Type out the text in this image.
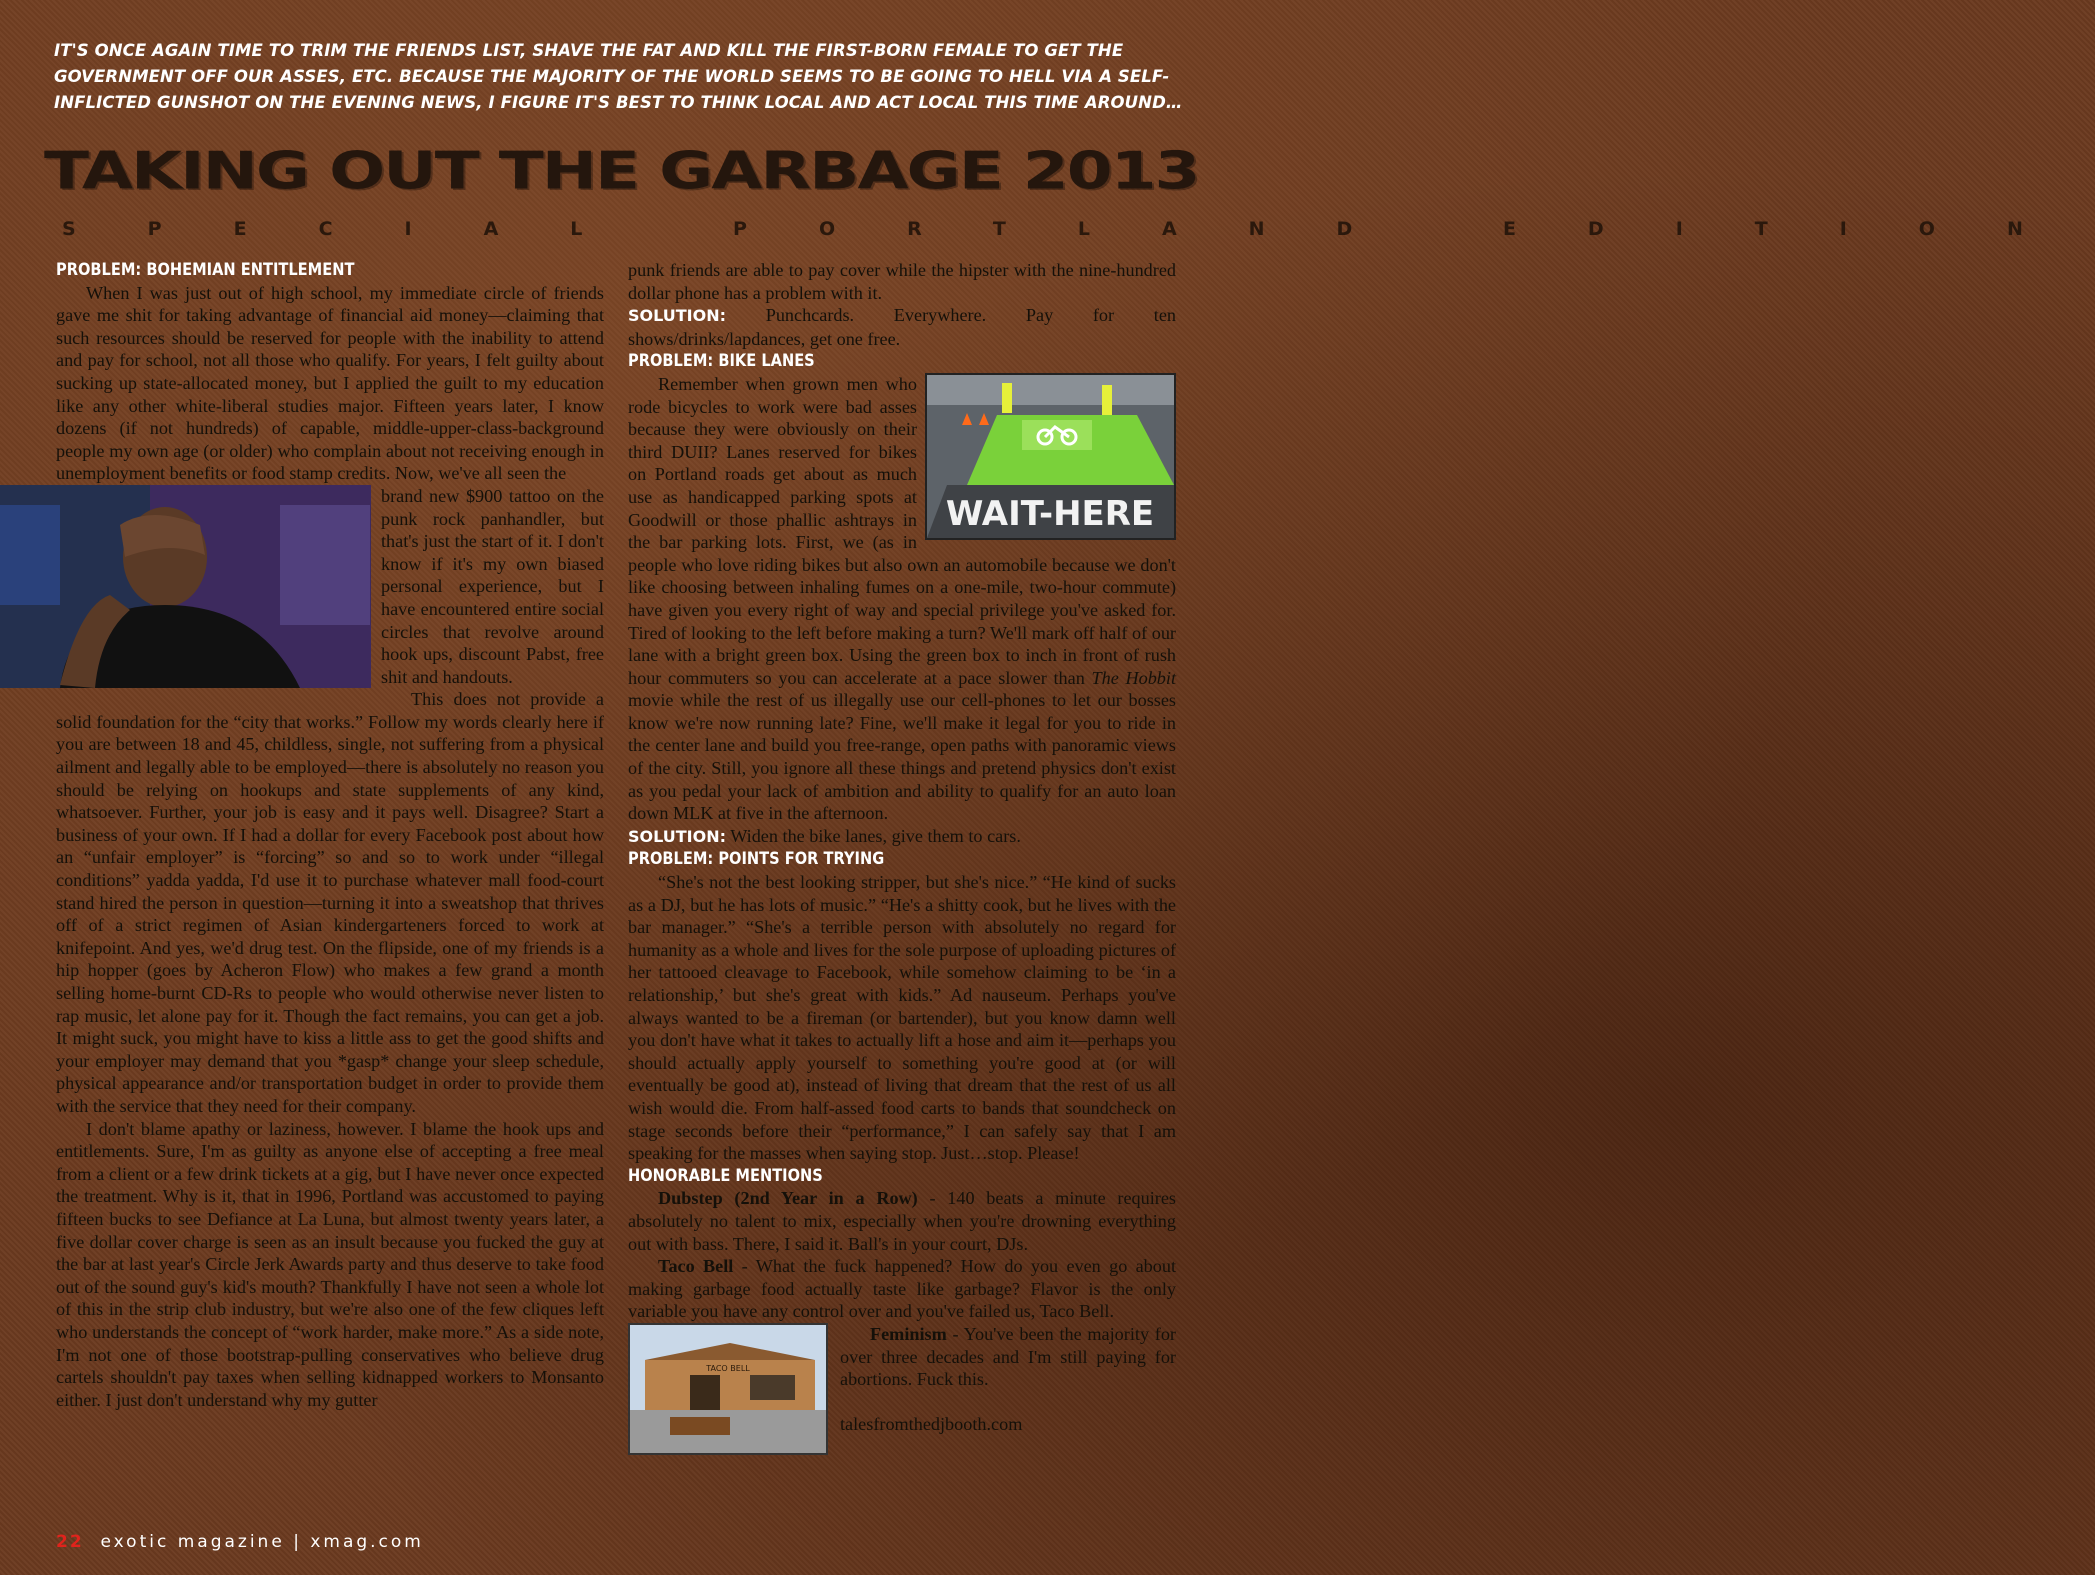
IT'S ONCE AGAIN TIME TO TRIM THE FRIENDS LIST, SHAVE THE FAT AND KILL THE FIRST-BORN FEMALE TO GET THE GOVERNMENT OFF OUR ASSES, ETC. BECAUSE THE MAJORITY OF THE WORLD SEEMS TO BE GOING TO HELL VIA A SELF-INFLICTED GUNSHOT ON THE EVENING NEWS, I FIGURE IT'S BEST TO THINK LOCAL AND ACT LOCAL THIS TIME AROUND…
TAKING OUT THE GARBAGE 2013
SPECIAL PORTLAND EDITION
PROBLEM: BOHEMIAN ENTITLEMENT

When I was just out of high school, my immediate circle of friends gave me shit for taking advantage of financial aid money—claiming that such resources should be reserved for people with the inability to attend and pay for school, not all those who qualify. For years, I felt guilty about sucking up state-allocated money, but I applied the guilt to my education like any other white-liberal studies major. Fifteen years later, I know dozens (if not hundreds) of capable, middle-upper-class-background people my own age (or older) who complain about not receiving enough in unemployment benefits or food stamp credits. Now, we've all seen the

brand new $900 tattoo on the punk rock panhandler, but that's just the start of it. I don't know if it's my own biased personal experience, but I have encountered entire social circles that revolve around hook ups, discount Pabst, free shit and handouts.

This does not provide a solid foundation for the “city that works.” Follow my words clearly here if you are between 18 and 45, childless, single, not suffering from a physical ailment and legally able to be employed—there is absolutely no reason you should be relying on hookups and state supplements of any kind, whatsoever. Further, your job is easy and it pays well. Disagree? Start a business of your own. If I had a dollar for every Facebook post about how an “unfair employer” is “forcing” so and so to work under “illegal conditions” yadda yadda, I'd use it to purchase whatever mall food-court stand hired the person in question—turning it into a sweatshop that thrives off of a strict regimen of Asian kindergarteners forced to work at knifepoint. And yes, we'd drug test. On the flipside, one of my friends is a hip hopper (goes by Acheron Flow) who makes a few grand a month selling home-burnt CD-Rs to people who would otherwise never listen to rap music, let alone pay for it. Though the fact remains, you can get a job. It might suck, you might have to kiss a little ass to get the good shifts and your employer may demand that you *gasp* change your sleep schedule, physical appearance and/or transportation budget in order to provide them with the service that they need for their company.

I don't blame apathy or laziness, however. I blame the hook ups and entitlements. Sure, I'm as guilty as anyone else of accepting a free meal from a client or a few drink tickets at a gig, but I have never once expected the treatment. Why is it, that in 1996, Portland was accustomed to paying fifteen bucks to see Defiance at La Luna, but almost twenty years later, a five dollar cover charge is seen as an insult because you fucked the guy at the bar at last year's Circle Jerk Awards party and thus deserve to take food out of the sound guy's kid's mouth? Thankfully I have not seen a whole lot of this in the strip club industry, but we're also one of the few cliques left who understands the concept of “work harder, make more.” As a side note, I'm not one of those bootstrap-pulling conservatives who believe drug cartels shouldn't pay taxes when selling kidnapped workers to Monsanto either. I just don't understand why my gutter

punk friends are able to pay cover while the hipster with the nine-hundred dollar phone has a problem with it.

SOLUTION: Punchcards. Everywhere. Pay for ten shows/drinks/lapdances, get one free.

PROBLEM: BIKE LANES
WAIT-HERE

Remember when grown men who rode bicycles to work were bad asses because they were obviously on their third DUII? Lanes reserved for bikes on Portland roads get about as much use as handicapped parking spots at Goodwill or those phallic ashtrays in the bar parking lots. First, we (as in people who love riding bikes but also own an automobile because we don't like choosing between inhaling fumes on a one-mile, two-hour commute) have given you every right of way and special privilege you've asked for. Tired of looking to the left before making a turn? We'll mark off half of our lane with a bright green box. Using the green box to inch in front of rush hour commuters so you can accelerate at a pace slower than The Hobbit movie while the rest of us illegally use our cell-phones to let our bosses know we're now running late? Fine, we'll make it legal for you to ride in the center lane and build you free-range, open paths with panoramic views of the city. Still, you ignore all these things and pretend physics don't exist as you pedal your lack of ambition and ability to qualify for an auto loan down MLK at five in the afternoon.

SOLUTION: Widen the bike lanes, give them to cars.

PROBLEM: POINTS FOR TRYING

“She's not the best looking stripper, but she's nice.” “He kind of sucks as a DJ, but he has lots of music.” “He's a shitty cook, but he lives with the bar manager.” “She's a terrible person with absolutely no regard for humanity as a whole and lives for the sole purpose of uploading pictures of her tattooed cleavage to Facebook, while somehow claiming to be ‘in a relationship,’ but she's great with kids.” Ad nauseum. Perhaps you've always wanted to be a fireman (or bartender), but you know damn well you don't have what it takes to actually lift a hose and aim it—perhaps you should actually apply yourself to something you're good at (or will eventually be good at), instead of living that dream that the rest of us all wish would die. From half-assed food carts to bands that soundcheck on stage seconds before their “performance,” I can safely say that I am speaking for the masses when saying stop. Just…stop. Please!

HONORABLE MENTIONS

Dubstep (2nd Year in a Row) - 140 beats a minute requires absolutely no talent to mix, especially when you're drowning everything out with bass. There, I said it. Ball's in your court, DJs.

Taco Bell - What the fuck happened? How do you even go about making garbage food actually taste like garbage? Flavor is the only variable you have any control over and you've failed us, Taco Bell.

TACO BELL

Feminism - You've been the majority for over three decades and I'm still paying for abortions. Fuck this.

talesfromthedjbooth.com

22 exotic magazine | xmag.com
